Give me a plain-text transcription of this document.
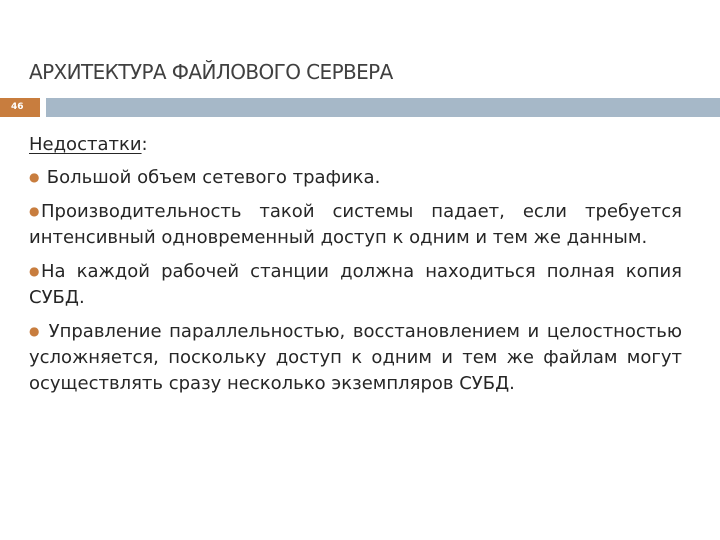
АРХИТЕКТУРА ФАЙЛОВОГО СЕРВЕРА
46
Недостатки:
● Большой объем сетевого трафика.
●Производительность такой системы падает, если требуется интенсивный одновременный доступ к одним и тем же данным.
●На каждой рабочей станции должна находиться полная копия СУБД.
● Управление параллельностью, восстановлением и целостностью усложняется, поскольку доступ к одним и тем же файлам могут осуществлять сразу несколько экземпляров СУБД.
